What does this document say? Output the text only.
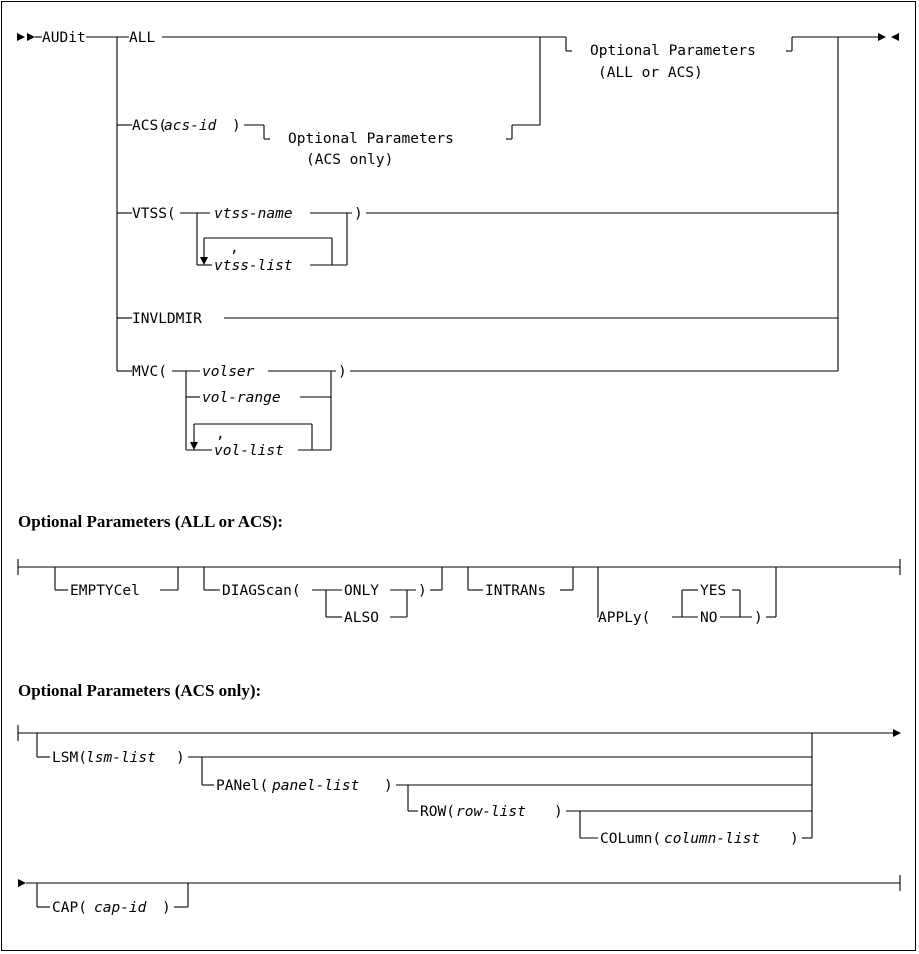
AUDit	ALL
Optional Parameters
(ALL or ACS)
ACS(
acs-id )
Optional Parameters
(ACS only)
VTSS(	vtss-name	)
vtss-list
,
INVLDMIR
MVC( volser	)
vol-range
vol-list
,
Optional Parameters (ALL or ACS):
EMPTYCel	DIAGScan(	ONLY
ALSO
)	INTRANs
APPLy(	NO
YES
)
Optional Parameters (ACS only):
LSM( lsm-list )
PANel( panel-list )
ROW( row-list )
COLumn( column-list )
CAP( cap-id )
